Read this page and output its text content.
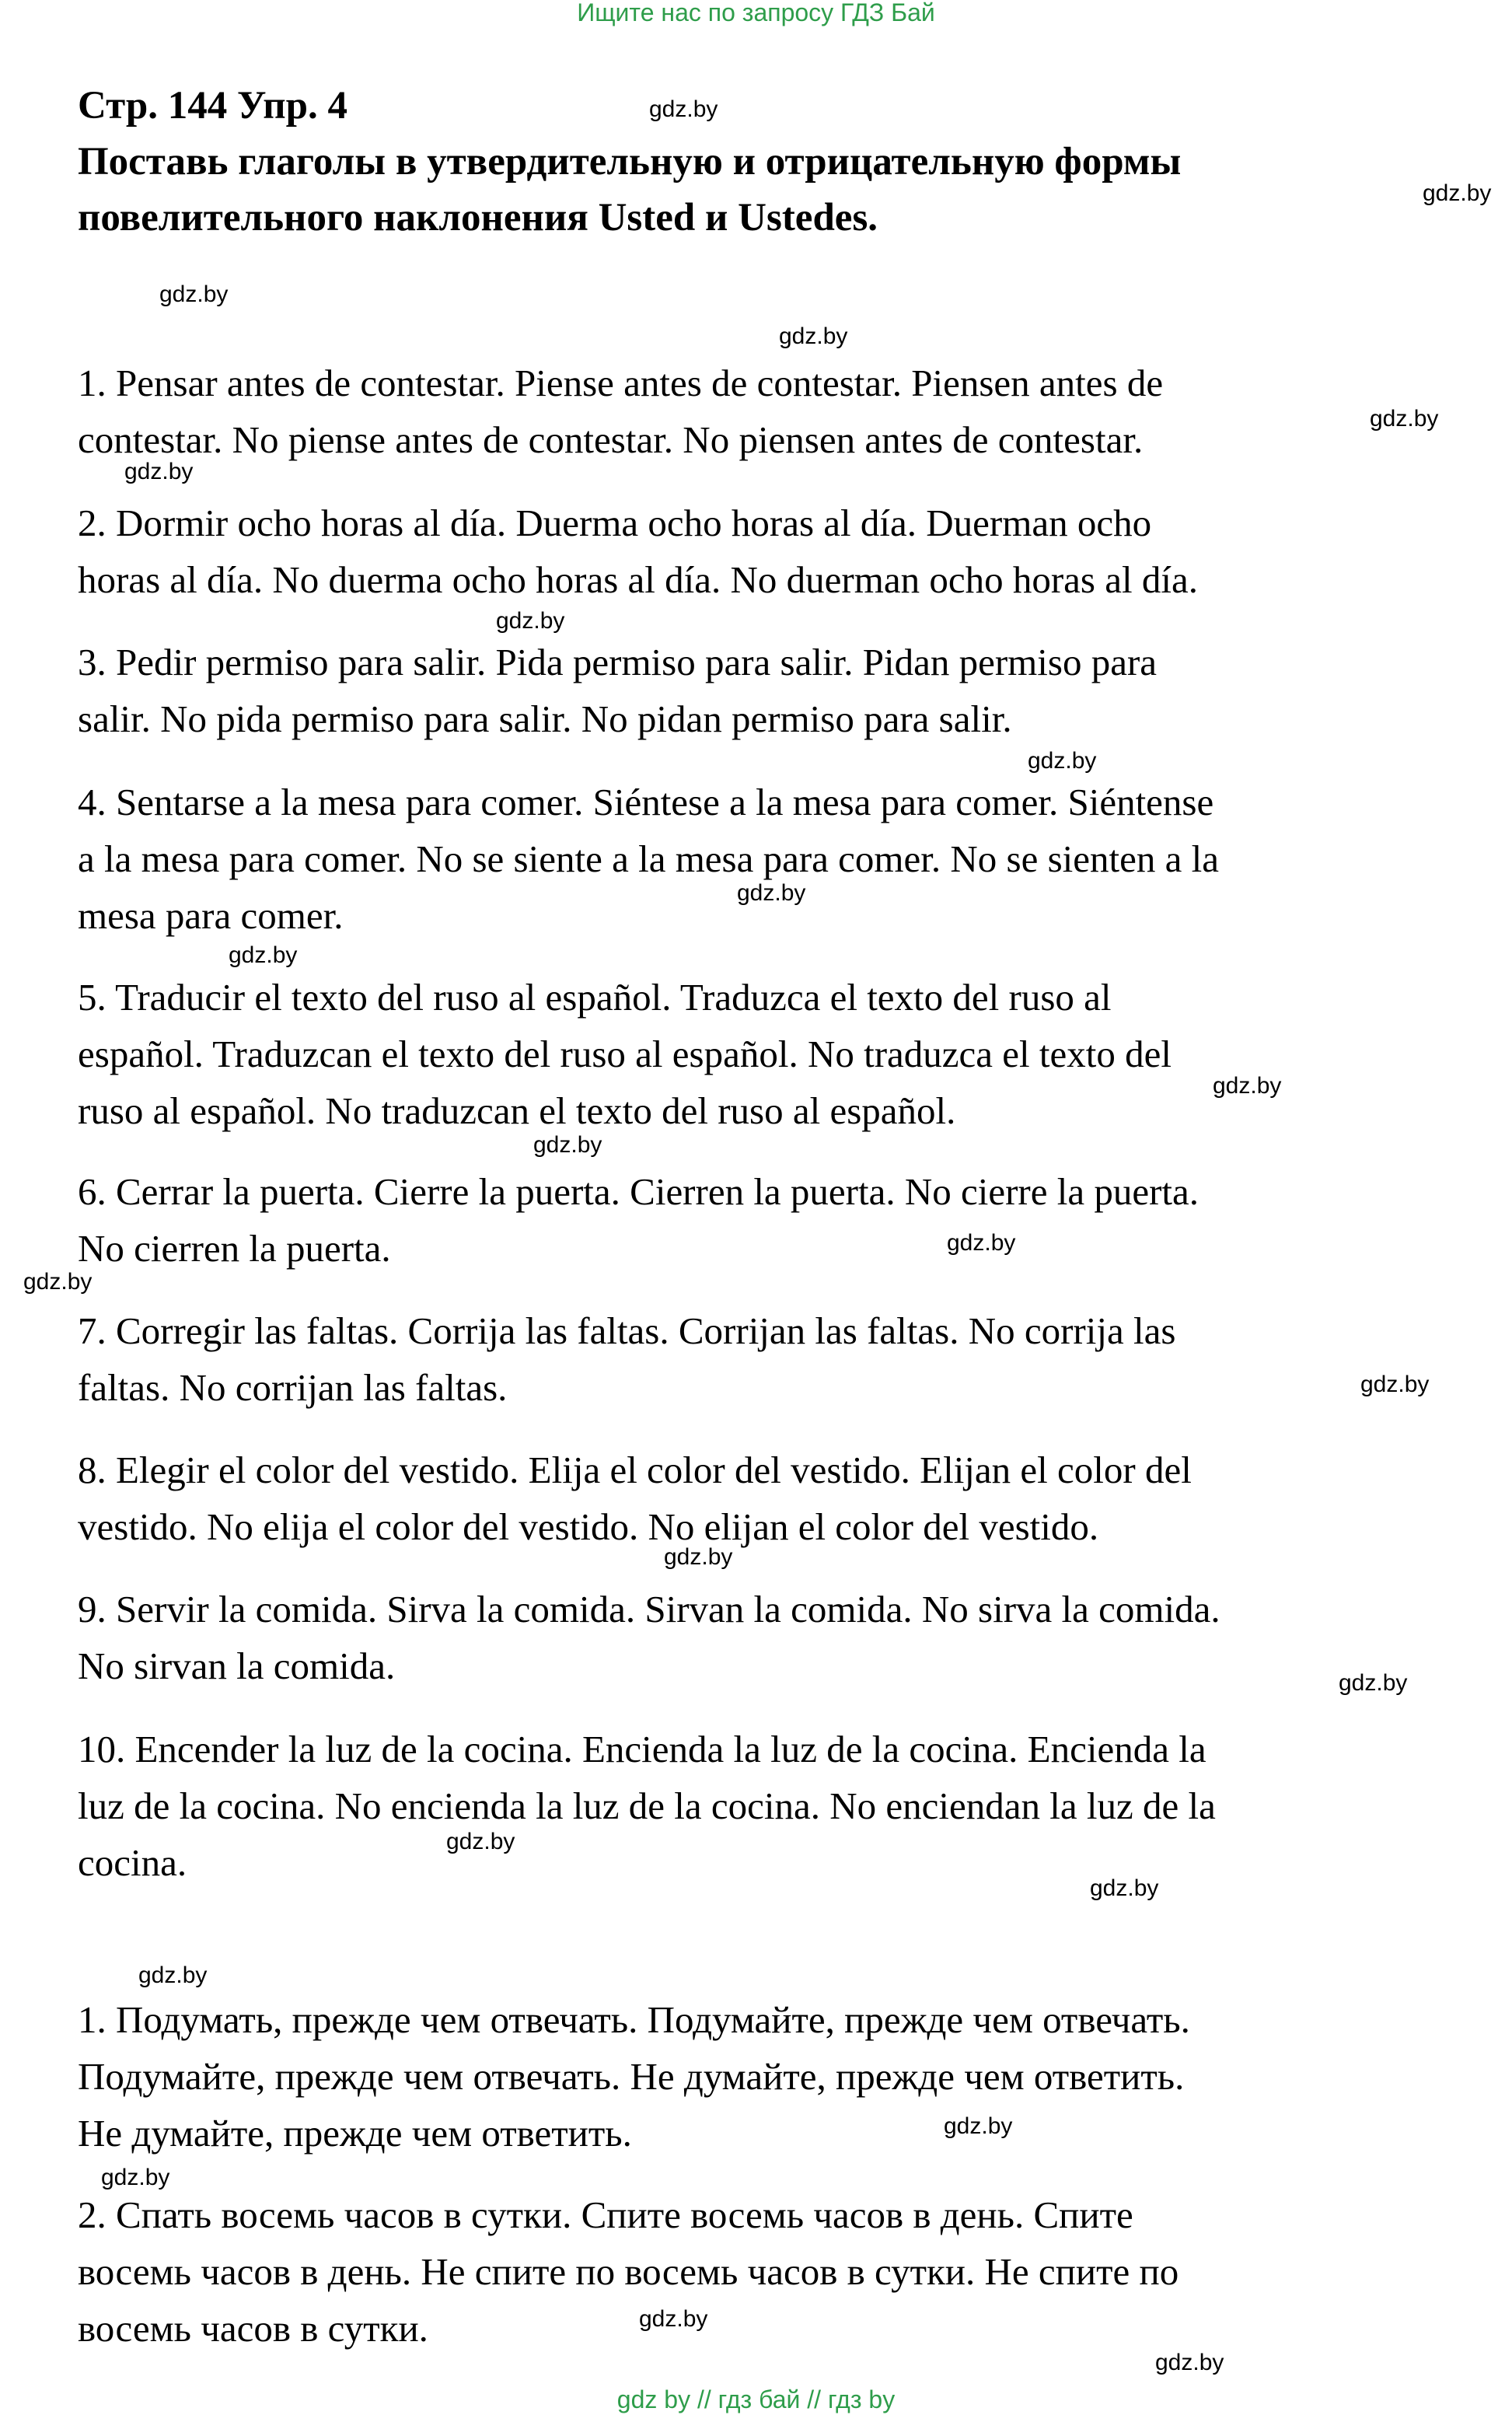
Ищите нас по запросу ГДЗ Бай
Стр. 144 Упр. 4
Поставь глаголы в утвердительную и отрицательную формы
повелительного наклонения Usted и Ustedes.

1. Pensar antes de contestar. Piense antes de contestar. Piensen antes de

contestar. No piense antes de contestar. No piensen antes de contestar.

2. Dormir ocho horas al día. Duerma ocho horas al día. Duerman ocho

horas al día. No duerma ocho horas al día. No duerman ocho horas al día.

3. Pedir permiso para salir. Pida permiso para salir. Pidan permiso para

salir. No pida permiso para salir. No pidan permiso para salir.

4. Sentarse a la mesa para comer. Siéntese a la mesa para comer. Siéntense

a la mesa para comer. No se siente a la mesa para comer. No se sienten a la

mesa para comer.

5. Traducir el texto del ruso al español. Traduzca el texto del ruso al

español. Traduzcan el texto del ruso al español. No traduzca el texto del

ruso al español. No traduzcan el texto del ruso al español.

6. Cerrar la puerta. Cierre la puerta. Cierren la puerta. No cierre la puerta.

No cierren la puerta.

7. Corregir las faltas. Corrija las faltas. Corrijan las faltas. No corrija las

faltas. No corrijan las faltas.

8. Elegir el color del vestido. Elija el color del vestido. Elijan el color del

vestido. No elija el color del vestido. No elijan el color del vestido.

9. Servir la comida. Sirva la comida. Sirvan la comida. No sirva la comida.

No sirvan la comida.

10. Encender la luz de la cocina. Encienda la luz de la cocina. Encienda la

luz de la cocina. No encienda la luz de la cocina. No enciendan la luz de la

cocina.

1. Подумать, прежде чем отвечать. Подумайте, прежде чем отвечать.

Подумайте, прежде чем отвечать. Не думайте, прежде чем ответить.

Не думайте, прежде чем ответить.

2. Спать восемь часов в сутки. Спите восемь часов в день. Спите

восемь часов в день. Не спите по восемь часов в сутки. Не спите по

восемь часов в сутки.

gdz.by
gdz.by
gdz.by
gdz.by
gdz.by
gdz.by
gdz.by
gdz.by
gdz.by
gdz.by
gdz.by
gdz.by
gdz.by
gdz.by
gdz.by
gdz.by
gdz.by
gdz.by
gdz.by
gdz.by
gdz.by
gdz.by
gdz.by
gdz.by
gdz by // гдз бай // гдз by
